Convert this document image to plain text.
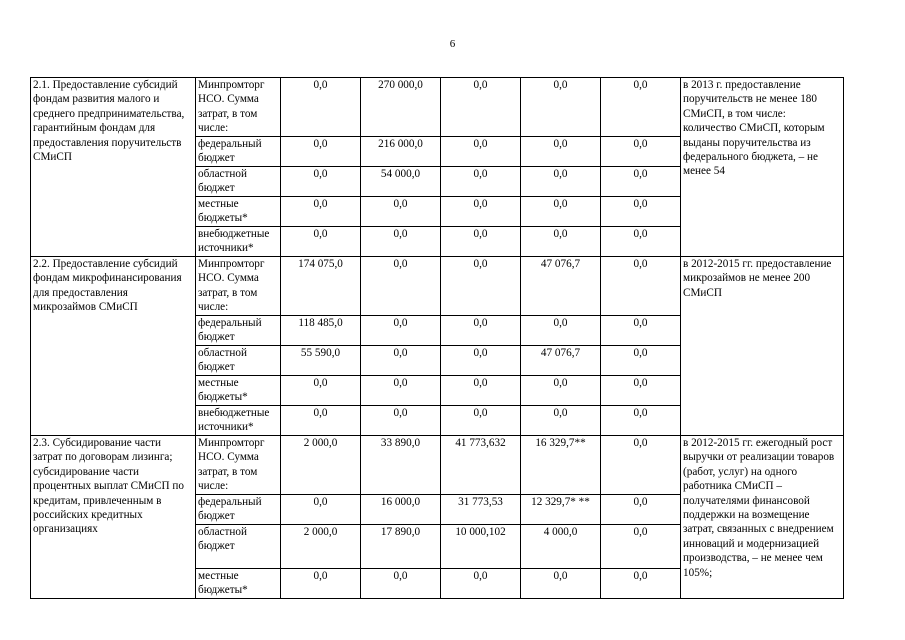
6
2.1. Предоставление субсидий фондам развития малого и среднего предпринимательства, гарантийным фондам для предоставления поручительств СМиСП	Минпромторг НСО. Сумма затрат, в том числе:	0,0	270 000,0	0,0	0,0	0,0	в 2013 г. предоставление поручительств не менее 180 СМиСП, в том числе: количество СМиСП, которым выданы поручительства из федерального бюджета, – не менее 54
	федеральный бюджет	0,0	216 000,0	0,0	0,0	0,0	
	областной бюджет	0,0	54 000,0	0,0	0,0	0,0	
	местные бюджеты*	0,0	0,0	0,0	0,0	0,0	
	внебюджетные источники*	0,0	0,0	0,0	0,0	0,0	
2.2. Предоставление субсидий фондам микрофинансирования для предоставления микрозаймов СМиСП	Минпромторг НСО. Сумма затрат, в том числе:	174 075,0	0,0	0,0	47 076,7	0,0	в 2012-2015 гг. предоставление микрозаймов не менее 200 СМиСП
	федеральный бюджет	118 485,0	0,0	0,0	0,0	0,0	
	областной бюджет	55 590,0	0,0	0,0	47 076,7	0,0	
	местные бюджеты*	0,0	0,0	0,0	0,0	0,0	
	внебюджетные источники*	0,0	0,0	0,0	0,0	0,0	
2.3. Субсидирование части затрат по договорам лизинга; субсидирование части процентных выплат СМиСП по кредитам, привлеченным в российских кредитных организациях	Минпромторг НСО. Сумма затрат, в том числе:	2 000,0	33 890,0	41 773,632	16 329,7**	0,0	в 2012-2015 гг. ежегодный рост выручки от реализации товаров (работ, услуг) на одного работника СМиСП – получателями финансовой поддержки на возмещение затрат, связанных с внедрением инноваций и модернизацией производства, – не менее чем 105%;
	федеральный бюджет	0,0	16 000,0	31 773,53	12 329,7* **	0,0	
	областной бюджет	2 000,0	17 890,0	10 000,102	4 000,0	0,0	
	местные бюджеты*	0,0	0,0	0,0	0,0	0,0	
